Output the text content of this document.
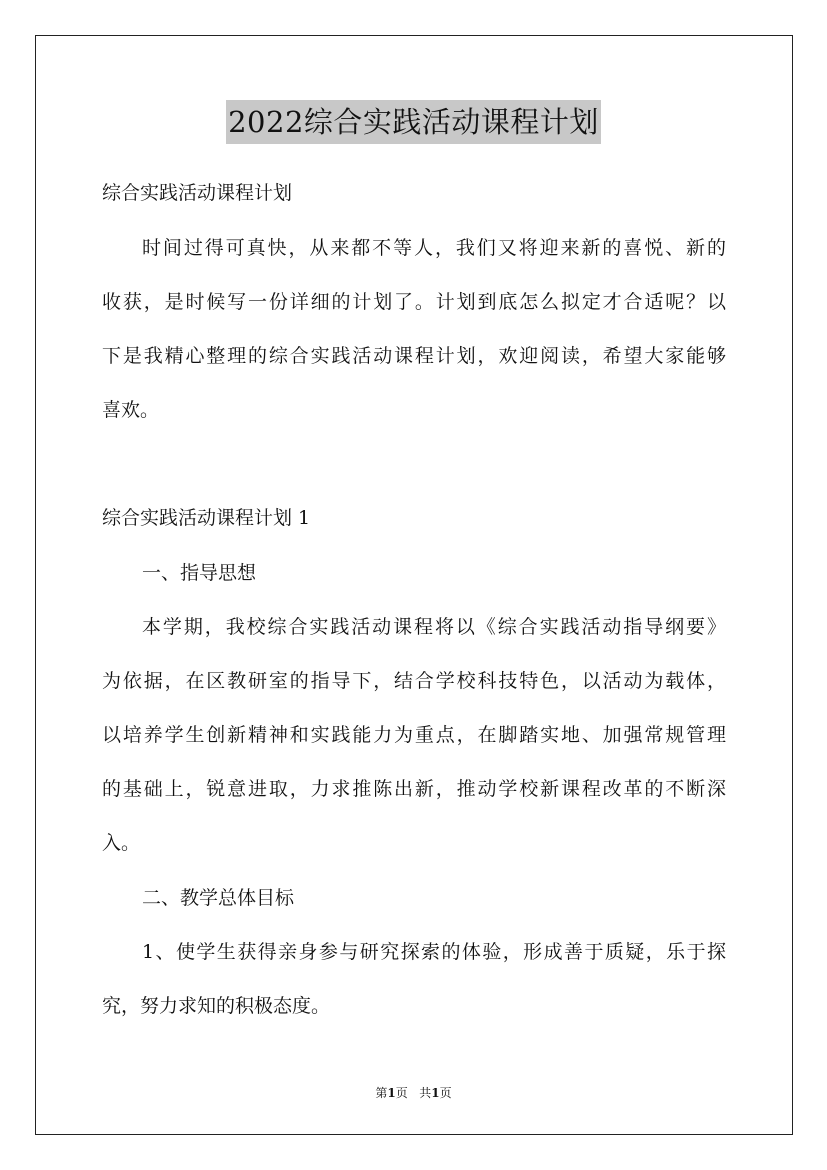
2022综合实践活动课程计划
综合实践活动课程计划
时间过得可真快，从来都不等人，我们又将迎来新的喜悦、新的
收获，是时候写一份详细的计划了。计划到底怎么拟定才合适呢？以
下是我精心整理的综合实践活动课程计划，欢迎阅读，希望大家能够
喜欢。
综合实践活动课程计划 1
一、指导思想
本学期，我校综合实践活动课程将以《综合实践活动指导纲要》
为依据，在区教研室的指导下，结合学校科技特色，以活动为载体，
以培养学生创新精神和实践能力为重点，在脚踏实地、加强常规管理
的基础上，锐意进取，力求推陈出新，推动学校新课程改革的不断深
入。
二、教学总体目标
1、使学生获得亲身参与研究探索的体验，形成善于质疑，乐于探
究，努力求知的积极态度。
第1页   共1页
